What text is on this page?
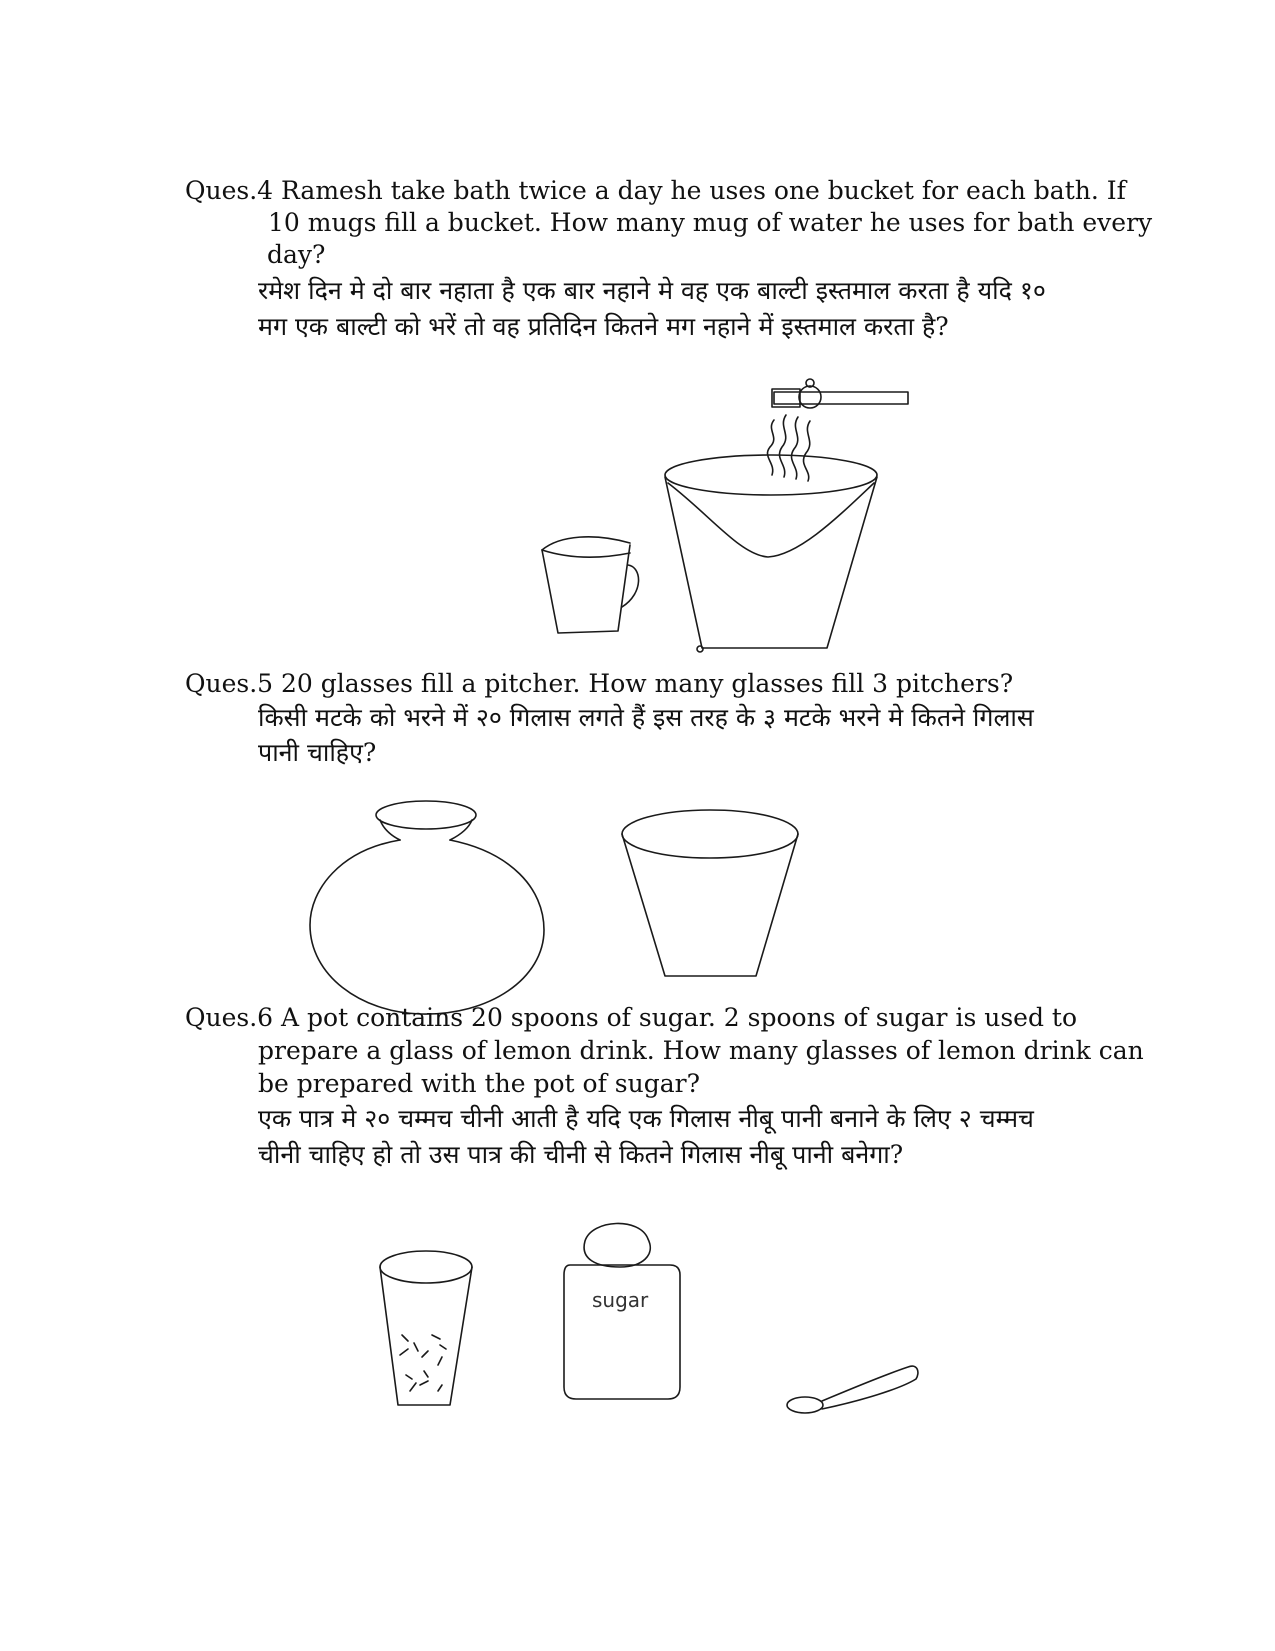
Ques.4 Ramesh take bath twice a day he uses one bucket for each bath. If
10 mugs fill a bucket. How many mug of water he uses for bath every
day?
रमेश दिन मे दो बार नहाता है एक बार नहाने मे वह एक बाल्टी इस्तमाल करता है यदि १०
मग एक बाल्टी को भरें तो वह प्रतिदिन कितने मग नहाने में इस्तमाल करता है?
Ques.5 20 glasses fill a pitcher. How many glasses fill 3 pitchers?
किसी मटके को भरने में २० गिलास लगते हैं इस तरह के ३ मटके भरने मे कितने गिलास
पानी चाहिए?
Ques.6 A pot contains 20 spoons of sugar. 2 spoons of sugar is used to
prepare a glass of lemon drink. How many glasses of lemon drink can
be prepared with the pot of sugar?
एक पात्र मे २० चम्मच चीनी आती है यदि एक गिलास नीबू पानी बनाने के लिए २ चम्मच
चीनी चाहिए हो तो उस पात्र की चीनी से कितने गिलास नीबू पानी बनेगा?
sugar
